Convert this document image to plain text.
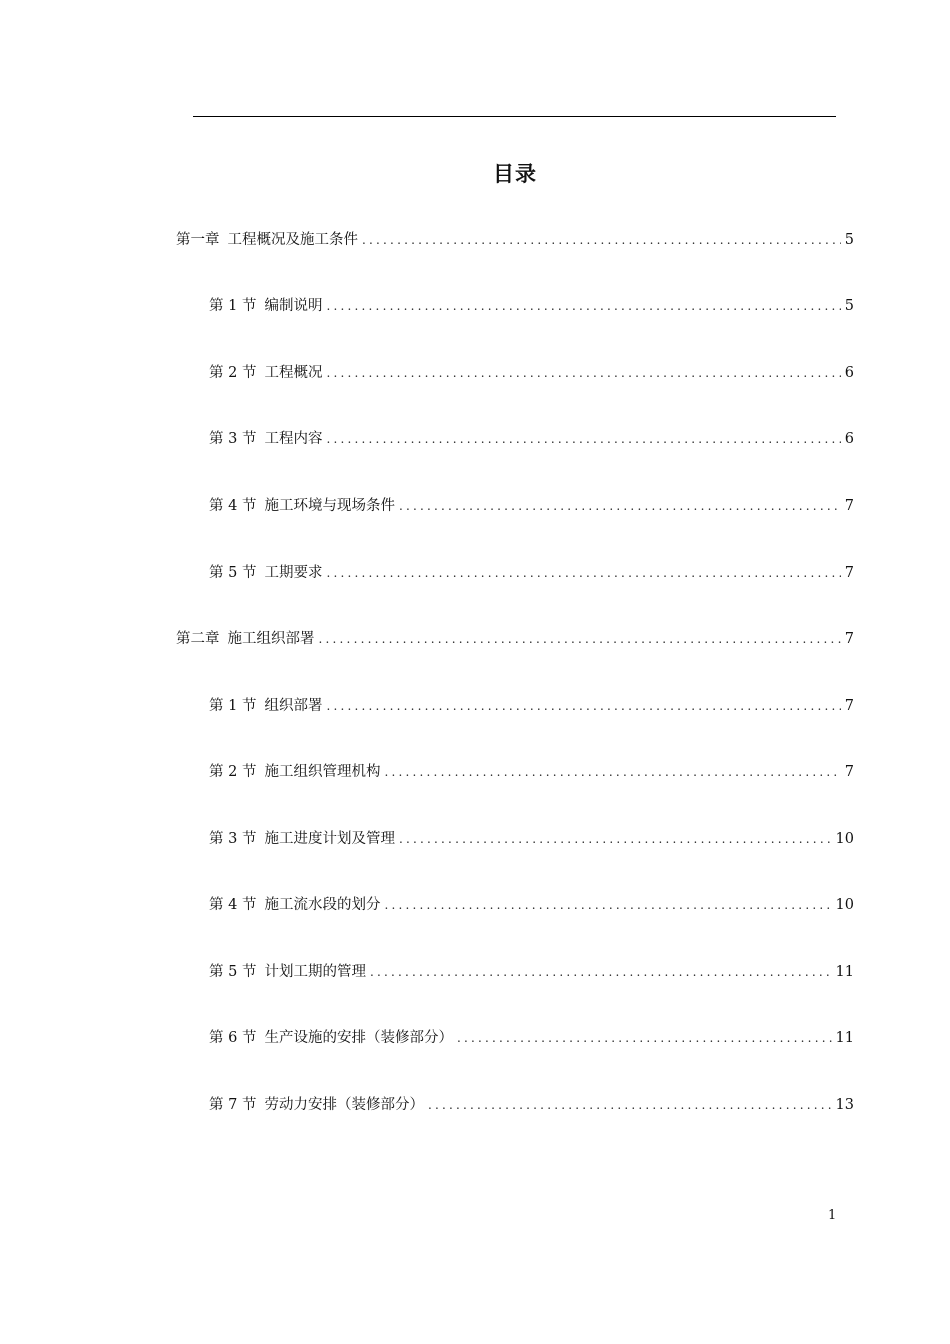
目录
第一章 工程概况及施工条件 .....	5
第 1 节 编制说明 .....	5
第 2 节 工程概况 .....	6
第 3 节 工程内容 .....	6
第 4 节 施工环境与现场条件 .....	7
第 5 节 工期要求 .....	7
第二章 施工组织部署 .....	7
第 1 节 组织部署 .....	7
第 2 节 施工组织管理机构 .....	7
第 3 节 施工进度计划及管理 .....	10
第 4 节 施工流水段的划分 .....	10
第 5 节 计划工期的管理 .....	11
第 6 节 生产设施的安排（装修部分） .....	11
第 7 节 劳动力安排（装修部分） .....	13
1
